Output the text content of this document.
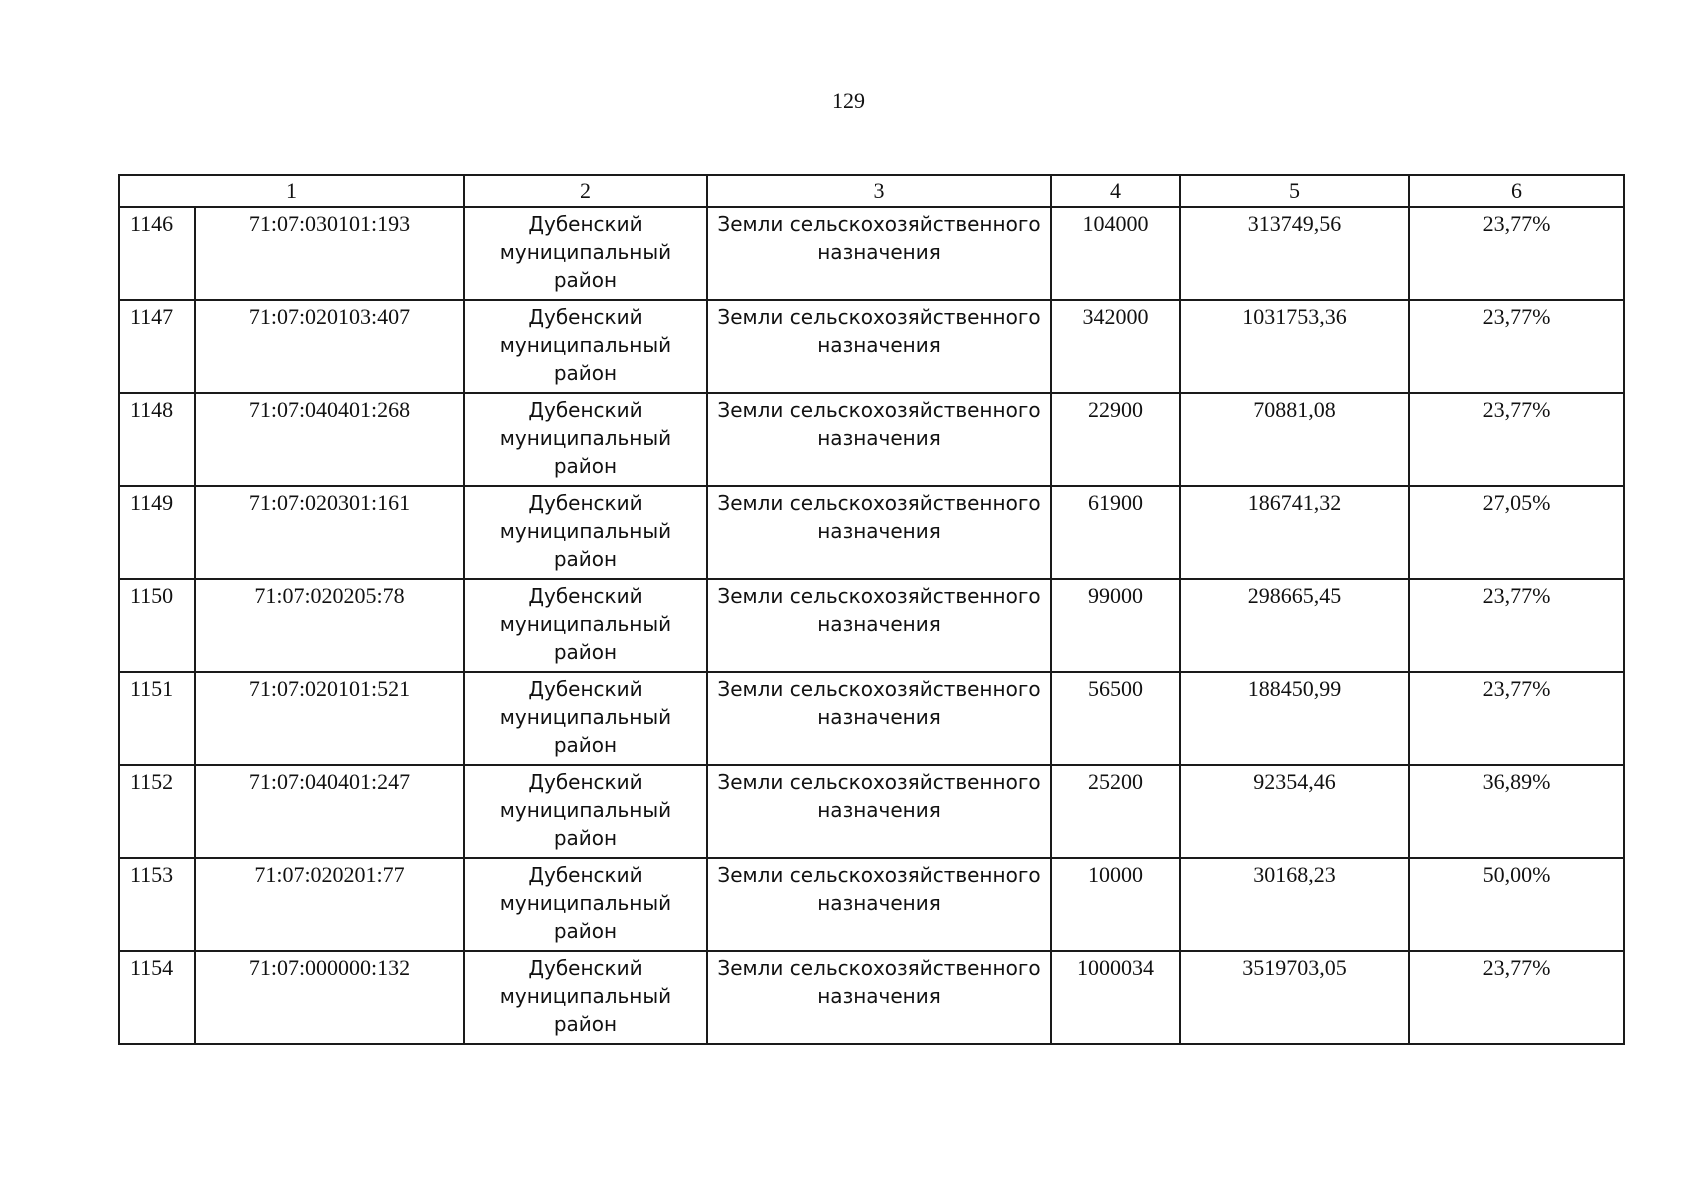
129
1		2	3	4	5	6
1146	71:07:030101:193	Дубенский муниципальный район	Земли сельскохозяйственного назначения	104000	313749,56	23,77%
1147	71:07:020103:407	Дубенский муниципальный район	Земли сельскохозяйственного назначения	342000	1031753,36	23,77%
1148	71:07:040401:268	Дубенский муниципальный район	Земли сельскохозяйственного назначения	22900	70881,08	23,77%
1149	71:07:020301:161	Дубенский муниципальный район	Земли сельскохозяйственного назначения	61900	186741,32	27,05%
1150	71:07:020205:78	Дубенский муниципальный район	Земли сельскохозяйственного назначения	99000	298665,45	23,77%
1151	71:07:020101:521	Дубенский муниципальный район	Земли сельскохозяйственного назначения	56500	188450,99	23,77%
1152	71:07:040401:247	Дубенский муниципальный район	Земли сельскохозяйственного назначения	25200	92354,46	36,89%
1153	71:07:020201:77	Дубенский муниципальный район	Земли сельскохозяйственного назначения	10000	30168,23	50,00%
1154	71:07:000000:132	Дубенский муниципальный район	Земли сельскохозяйственного назначения	1000034	3519703,05	23,77%
